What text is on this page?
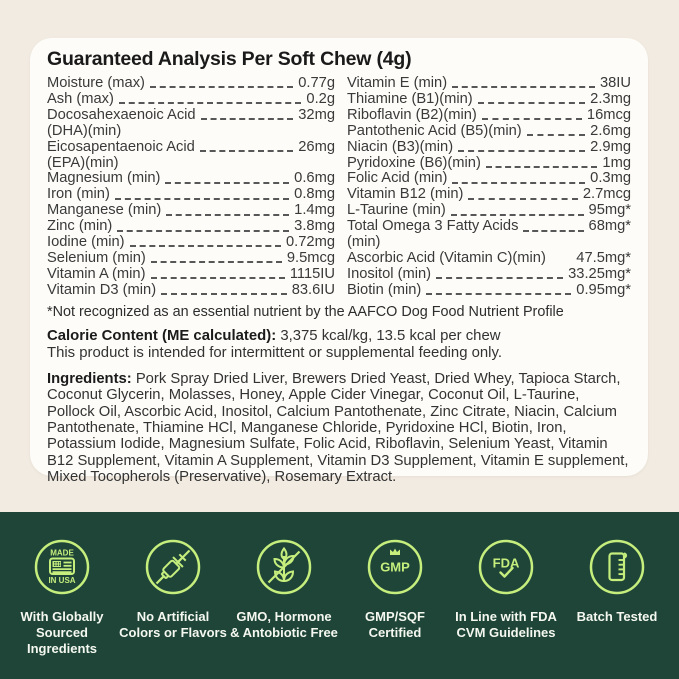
Guaranteed Analysis Per Soft Chew (4g)
Moisture (max)	0.77g
Ash (max)	0.2g
Docosahexaenoic Acid	32mg
(DHA)(min)
Eicosapentaenoic Acid	26mg
(EPA)(min)
Magnesium (min)	0.6mg
Iron (min)	0.8mg
Manganese (min)	1.4mg
Zinc (min)	3.8mg
Iodine (min)	0.72mg
Selenium (min)	9.5mcg
Vitamin A (min)	1115IU
Vitamin D3 (min)	83.6IU
Vitamin E (min)	38IU
Thiamine (B1)(min)	2.3mg
Riboflavin (B2)(min)	16mcg
Pantothenic Acid (B5)(min)	2.6mg
Niacin (B3)(min)	2.9mg
Pyridoxine (B6)(min)	1mg
Folic Acid (min)	0.3mg
Vitamin B12 (min)	2.7mcg
L-Taurine (min)	95mg*
Total Omega 3 Fatty Acids	68mg*
(min)
Ascorbic Acid (Vitamin C)(min) 47.5mg*
Inositol (min)	33.25mg*
Biotin (min)	0.95mg*
*Not recognized as an essential nutrient by the AAFCO Dog Food Nutrient Profile
Calorie Content (ME calculated): 3,375 kcal/kg, 13.5 kcal per chew
This product is intended for intermittent or supplemental feeding only.
Ingredients: Pork Spray Dried Liver, Brewers Dried Yeast, Dried Whey, Tapioca Starch, Coconut Glycerin, Molasses, Honey, Apple Cider Vinegar, Coconut Oil, L-Taurine, Pollock Oil, Ascorbic Acid, Inositol, Calcium Pantothenate, Zinc Citrate, Niacin, Calcium Pantothenate, Thiamine HCl, Manganese Chloride, Pyridoxine HCl, Biotin, Iron, Potassium Iodide, Magnesium Sulfate, Folic Acid, Riboflavin, Selenium Yeast, Vitamin B12 Supplement, Vitamin A Supplement, Vitamin D3 Supplement, Vitamin E supplement, Mixed Tocopherols (Preservative), Rosemary Extract.
MADE
IN USA
With Globally Sourced Ingredients
No Artificial Colors or Flavors
GMO, Hormone & Antobiotic Free
GMP
GMP/SQF Certified
FDA
In Line with FDA CVM Guidelines
Batch Tested
